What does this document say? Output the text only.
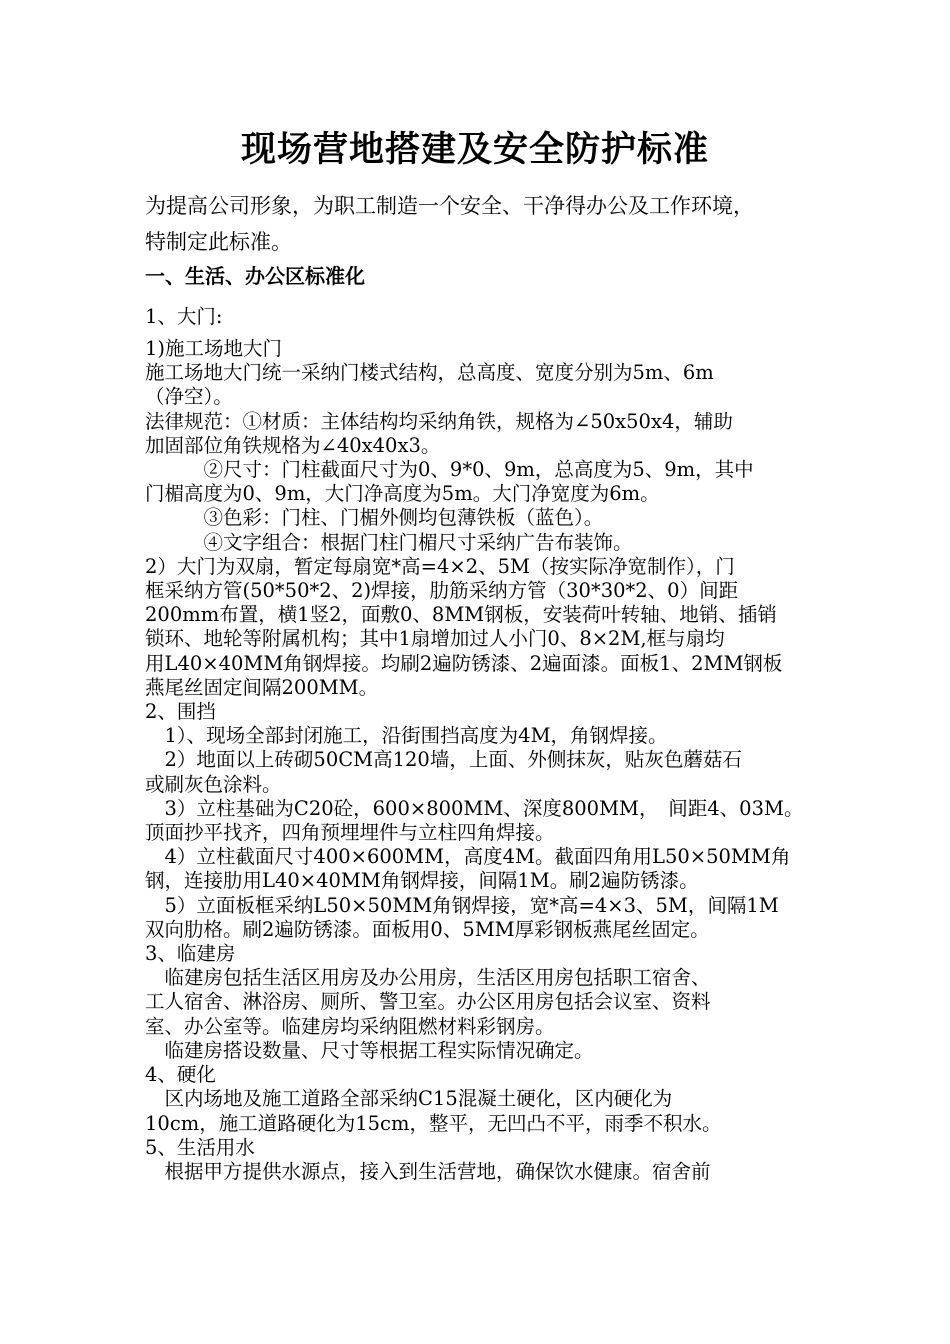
现场营地搭建及安全防护标准
为提高公司形象，为职工制造一个安全、干净得办公及工作环境，
特制定此标准。
一、生活、办公区标准化
1、大门:
1)施工场地大门
施工场地大门统一采纳门楼式结构，总高度、宽度分别为5m、6m
（净空）。
法律规范：①材质：主体结构均采纳角铁，规格为∠50x50x4，辅助
加固部位角铁规格为∠40x40x3。
　　　②尺寸：门柱截面尺寸为0、9*0、9m，总高度为5、9m，其中
门楣高度为0、9m，大门净高度为5m。大门净宽度为6m。
　　　③色彩：门柱、门楣外侧均包薄铁板（蓝色）。
　　　④文字组合：根据门柱门楣尺寸采纳广告布装饰。
2）大门为双扇，暂定每扇宽*高=4×2、5M（按实际净宽制作），门
框采纳方管(50*50*2、2)焊接，肋筋采纳方管（30*30*2、0）间距
200mm布置，横1竖2，面敷0、8MM钢板，安装荷叶转轴、地销、插销
锁环、地轮等附属机构；其中1扇增加过人小门0、8×2M,框与扇均
用L40×40MM角钢焊接。均刷2遍防锈漆、2遍面漆。面板1、2MM钢板
燕尾丝固定间隔200MM。
2、围挡
　1）、现场全部封闭施工，沿街围挡高度为4M，角钢焊接。
　2）地面以上砖砌50CM高120墙，上面、外侧抹灰，贴灰色蘑菇石
或刷灰色涂料。
　3）立柱基础为C20砼，600×800MM、深度800MM，　间距4、03M。
顶面抄平找齐，四角预埋埋件与立柱四角焊接。
　4）立柱截面尺寸400×600MM，高度4M。截面四角用L50×50MM角
钢，连接肋用L40×40MM角钢焊接，间隔1M。刷2遍防锈漆。
　5）立面板框采纳L50×50MM角钢焊接，宽*高=4×3、5M，间隔1M
双向肋格。刷2遍防锈漆。面板用0、5MM厚彩钢板燕尾丝固定。
3、临建房
　临建房包括生活区用房及办公用房，生活区用房包括职工宿舍、
工人宿舍、淋浴房、厕所、警卫室。办公区用房包括会议室、资料
室、办公室等。临建房均采纳阻燃材料彩钢房。
　临建房搭设数量、尺寸等根据工程实际情况确定。
4、硬化
　区内场地及施工道路全部采纳C15混凝土硬化，区内硬化为
10cm，施工道路硬化为15cm，整平，无凹凸不平，雨季不积水。
5、生活用水
　根据甲方提供水源点，接入到生活营地，确保饮水健康。宿舍前
